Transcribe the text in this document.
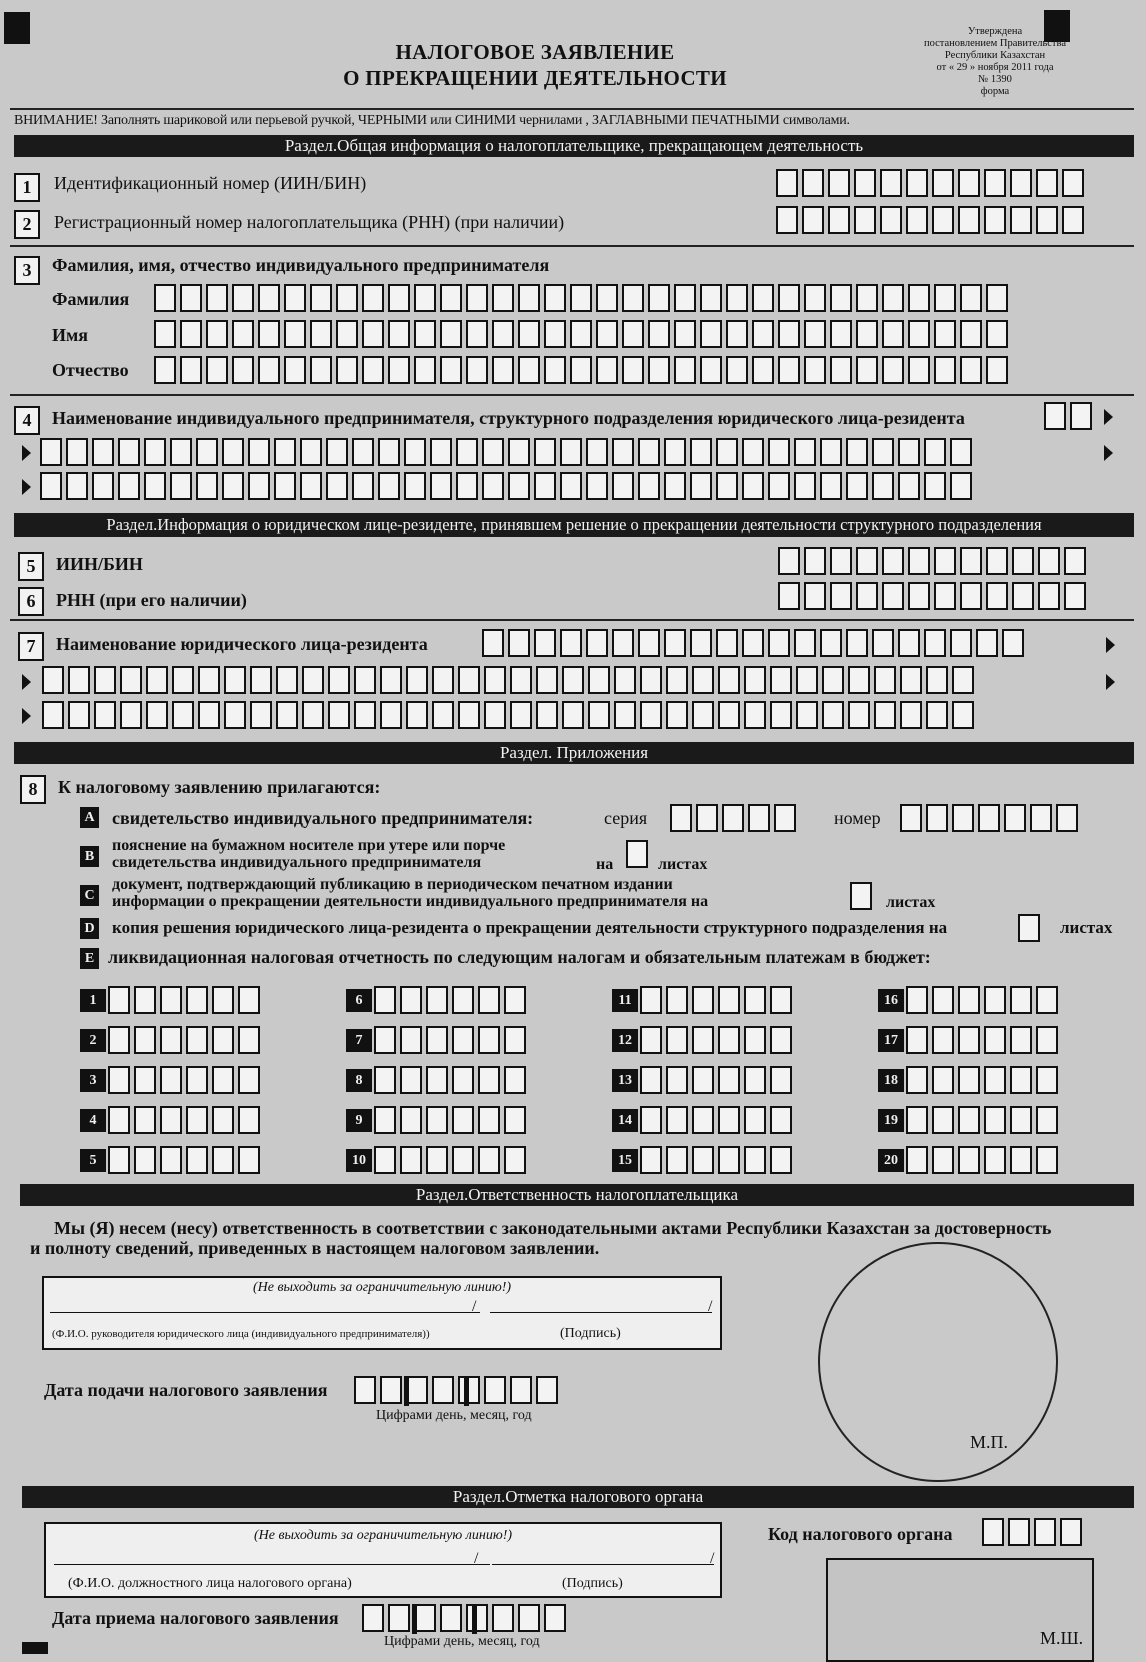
НАЛОГОВОЕ ЗАЯВЛЕНИЕ
О ПРЕКРАЩЕНИИ ДЕЯТЕЛЬНОСТИ
Утверждена
постановлением Правительства
Республики Казахстан
от « 29 » ноября 2011 года
№ 1390
форма
ВНИМАНИЕ! Заполнять шариковой или перьевой ручкой, ЧЕРНЫМИ или СИНИМИ чернилами , ЗАГЛАВНЫМИ ПЕЧАТНЫМИ символами.
Раздел.Общая информация о налогоплательщике, прекращающем деятельность
1	Идентификационный номер (ИИН/БИН)
2	Регистрационный номер налогоплательщика (РНН) (при наличии)
3	Фамилия, имя, отчество индивидуального предпринимателя
Фамилия
Имя
Отчество
4	Наименование индивидуального предпринимателя, структурного подразделения юридического лица-резидента
Раздел.Информация о юридическом лице-резиденте, принявшем решение о прекращении деятельности структурного подразделения
5	ИИН/БИН
6	РНН (при его наличии)
7	Наименование юридического лица-резидента
Раздел. Приложения
8	К налоговому заявлению прилагаются:
A свидетельство индивидуального предпринимателя:	серия	номер
B
пояснение на бумажном носителе при утере или порче
свидетельства индивидуального предпринимателя	на	листах
C
документ, подтверждающий публикацию в периодическом печатном издании
информации о прекращении деятельности индивидуального предпринимателя на	листах
D копия решения юридического лица-резидента о прекращении деятельности структурного подразделения на	листах
E ликвидационная налоговая отчетность по следующим налогам и обязательным платежам в бюджет:
1
2
3
4
5
6
7
8
9
10
11
12
13
14
15
16
17
18
19
20
Раздел.Ответственность налогоплательщика
Мы (Я) несем (несу) ответственность в соответствии с законодательными актами Республики Казахстан за достоверность
и полноту сведений, приведенных в настоящем налоговом заявлении.
(Не выходить за ограничительную линию!)
/	/
(Ф.И.О. руководителя юридического лица (индивидуального предпринимателя))	(Подпись)
Дата подачи налогового заявления
Цифрами день, месяц, год
М.П.
Раздел.Отметка налогового органа
(Не выходить за ограничительную линию!)
/	/
(Ф.И.О. должностного лица налогового органа)	(Подпись)
Код налогового органа
М.Ш.
Дата приема налогового заявления
Цифрами день, месяц, год
